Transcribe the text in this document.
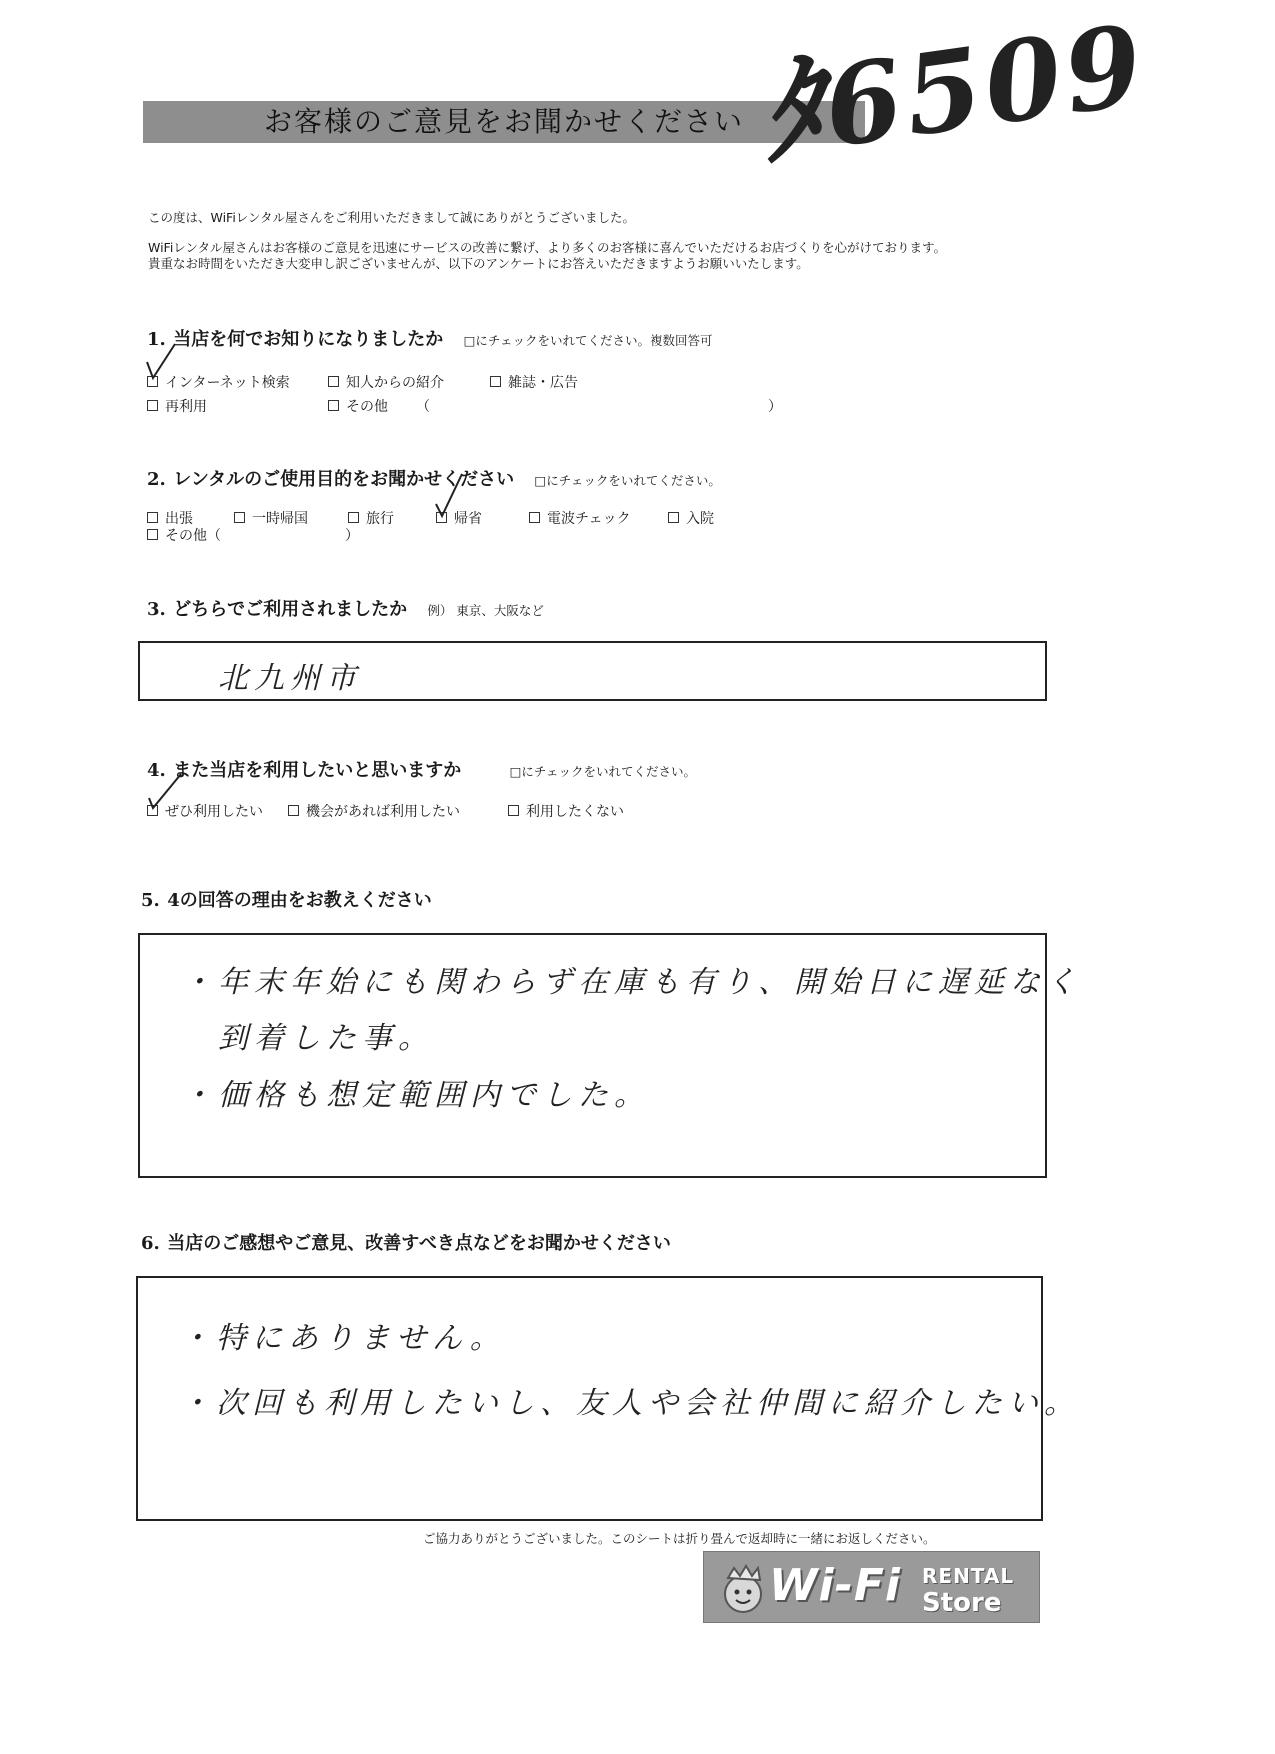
お客様のご意見をお聞かせください ﾀ6509
この度は、WiFiレンタル屋さんをご利用いただきまして誠にありがとうございました。
WiFiレンタル屋さんはお客様のご意見を迅速にサービスの改善に繋げ、より多くのお客様に喜んでいただけるお店づくりを心がけております。
貴重なお時間をいただき大変申し訳ございませんが、以下のアンケートにお答えいただきますようお願いいたします。
1. 当店を何でお知りになりましたか □にチェックをいれてください。複数回答可
インターネット検索	知人からの紹介	雑誌・広告
再利用	その他 （	）
2. レンタルのご使用目的をお聞かせください □にチェックをいれてください。
出張	一時帰国	旅行	帰省	電波チェック	入院
その他（	）
3. どちらでご利用されましたか 例） 東京、大阪など
北九州市
4. また当店を利用したいと思いますか	□にチェックをいれてください。
ぜひ利用したい	機会があれば利用したい	利用したくない
5. 4の回答の理由をお教えください
・年末年始にも関わらず在庫も有り、開始日に遅延なく
到着した事。
・価格も想定範囲内でした。
6. 当店のご感想やご意見、改善すべき点などをお聞かせください
・特にありません。
・次回も利用したいし、友人や会社仲間に紹介したい。
ご協力ありがとうございました。このシートは折り畳んで返却時に一緒にお返しください。
Wi-Fi RENTAL
Store
